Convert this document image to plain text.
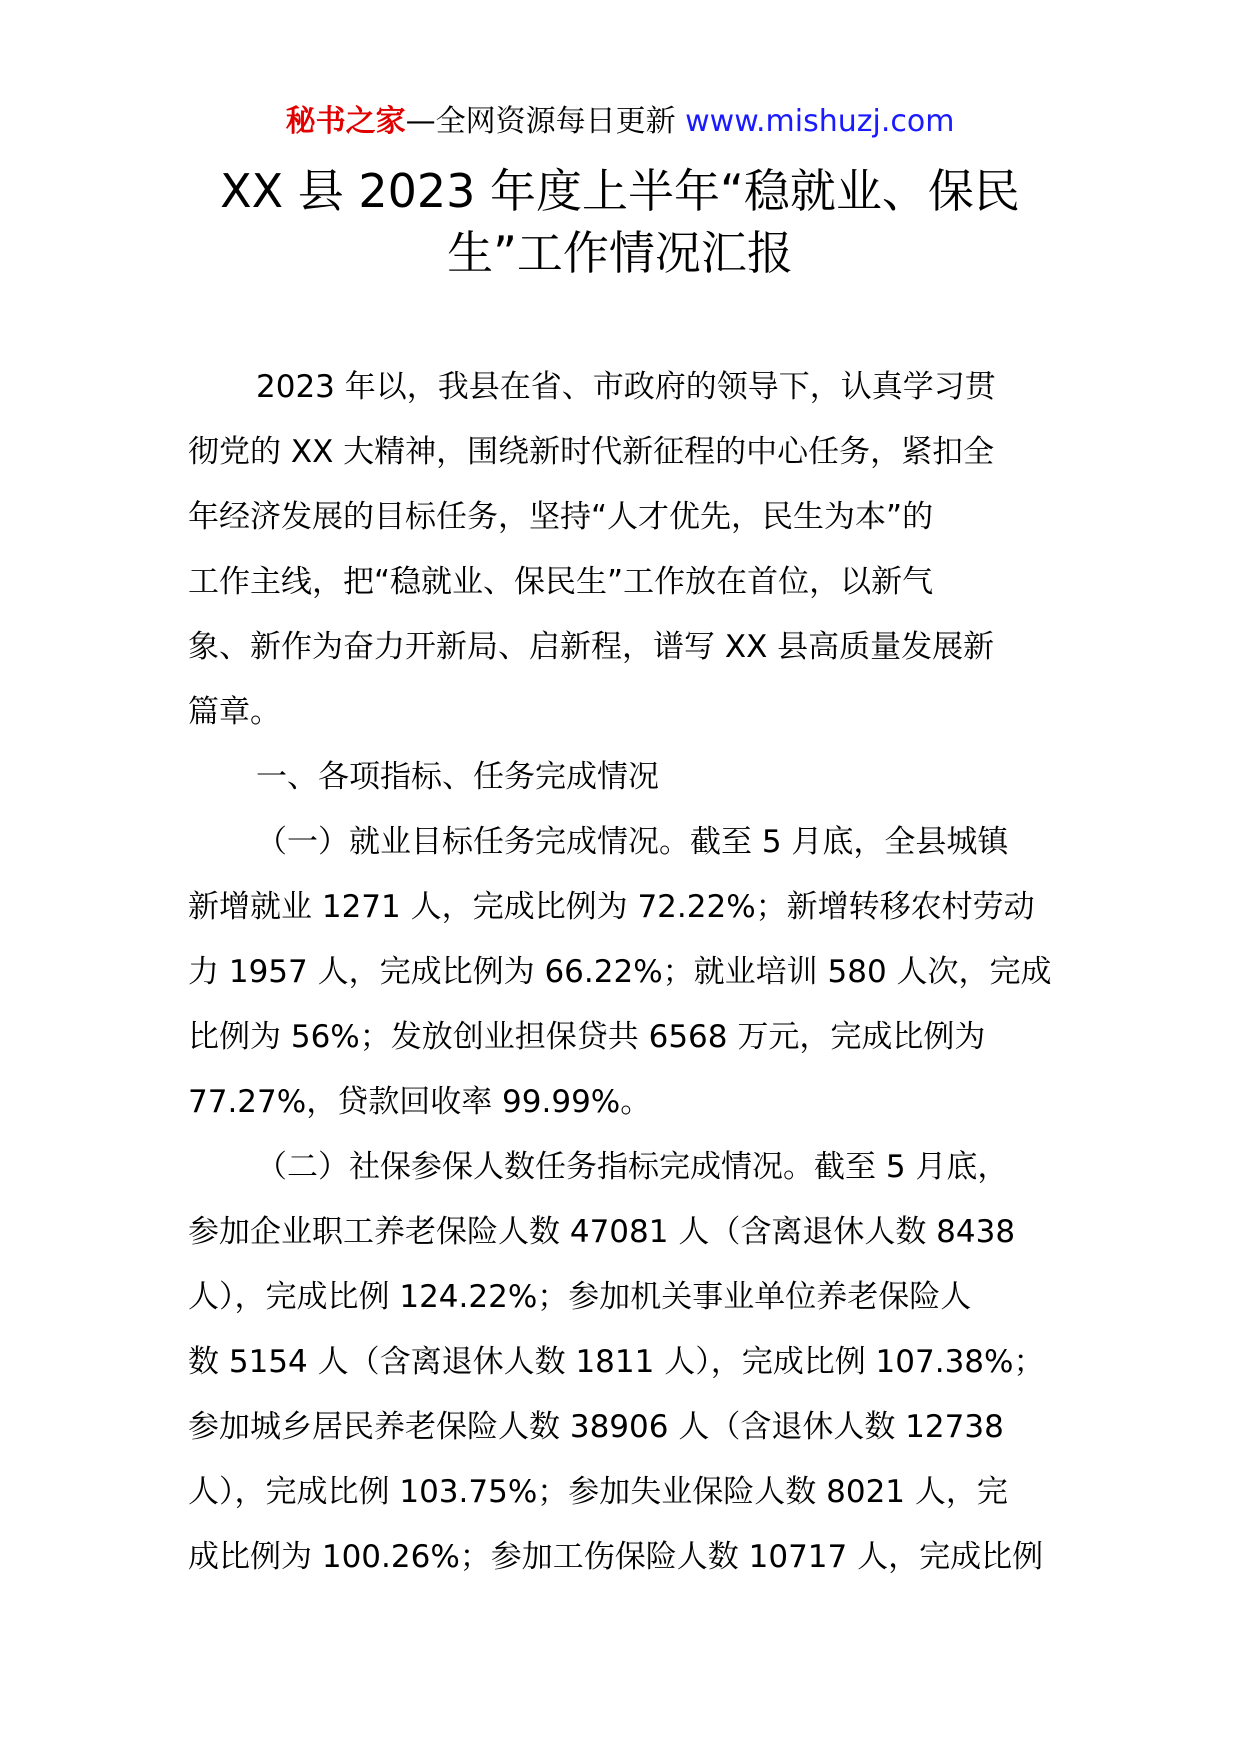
秘书之家—全网资源每日更新 www.mishuzj.com
XX 县 2023 年度上半年“稳就业、保民
生”工作情况汇报

2023 年以，我县在省、市政府的领导下，认真学习贯
彻党的 XX 大精神，围绕新时代新征程的中心任务，紧扣全
年经济发展的目标任务，坚持“人才优先，民生为本”的
工作主线，把“稳就业、保民生”工作放在首位，以新气
象、新作为奋力开新局、启新程，谱写 XX 县高质量发展新
篇章。

一、各项指标、任务完成情况

（一）就业目标任务完成情况。截至 5 月底，全县城镇
新增就业 1271 人，完成比例为 72.22%；新增转移农村劳动
力 1957 人，完成比例为 66.22%；就业培训 580 人次，完成
比例为 56%；发放创业担保贷共 6568 万元，完成比例为
77.27%，贷款回收率 99.99%。

（二）社保参保人数任务指标完成情况。截至 5 月底，
参加企业职工养老保险人数 47081 人（含离退休人数 8438
人），完成比例 124.22%；参加机关事业单位养老保险人
数 5154 人（含离退休人数 1811 人），完成比例 107.38%；
参加城乡居民养老保险人数 38906 人（含退休人数 12738
人），完成比例 103.75%；参加失业保险人数 8021 人，完
成比例为 100.26%；参加工伤保险人数 10717 人，完成比例
